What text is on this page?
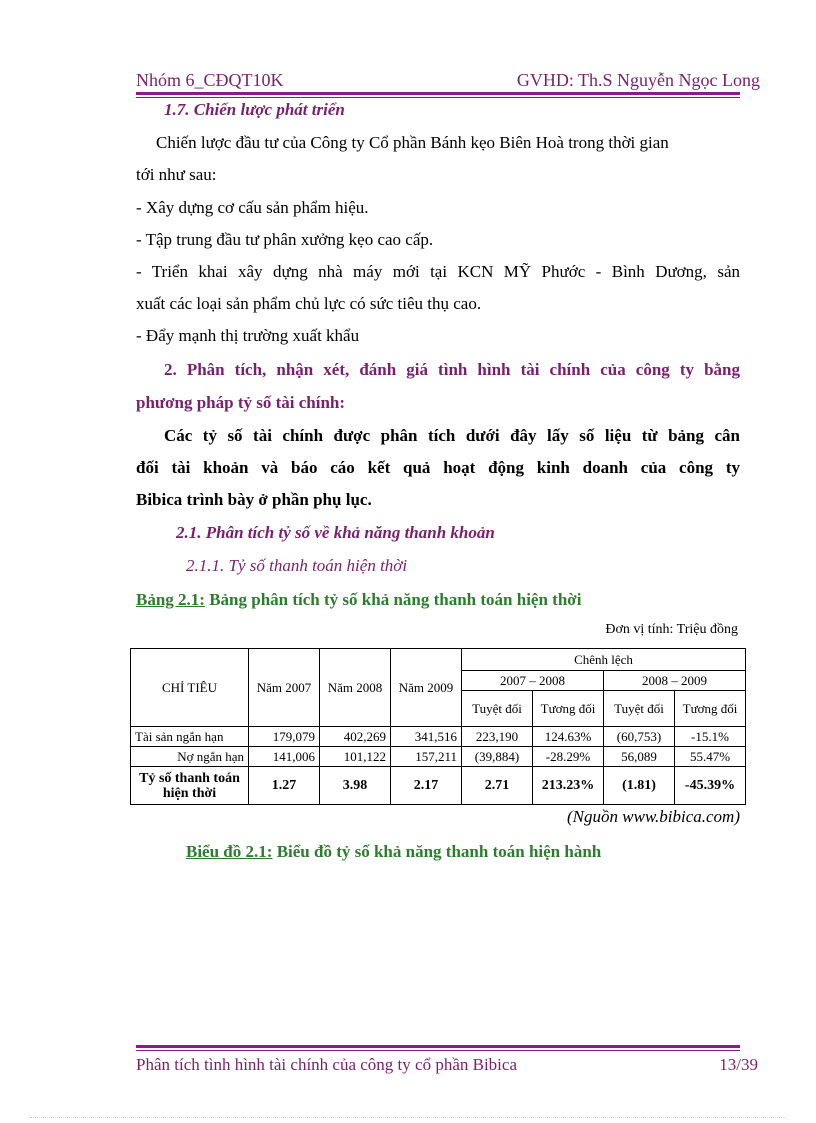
Nhóm 6_CĐQT10K	GVHD: Th.S Nguyễn Ngọc Long
1.7. Chiến lược phát triển
Chiến lược đầu tư của Công ty Cổ phần Bánh kẹo Biên Hoà trong thời gian
tới như sau:
- Xây dựng cơ cấu sản phẩm hiệu.
- Tập trung đầu tư phân xưởng kẹo cao cấp.
- Triển khai xây dựng nhà máy mới tại KCN MỸ Phước - Bình Dương, sản
xuất các loại sản phẩm chủ lực có sức tiêu thụ cao.
- Đẩy mạnh thị trường xuất khẩu
2. Phân tích, nhận xét, đánh giá tình hình tài chính của công ty bằng
phương pháp tỷ số tài chính:
Các tỷ số tài chính được phân tích dưới đây lấy số liệu từ bảng cân
đối tài khoản và báo cáo kết quả hoạt động kinh doanh của công ty
Bibica trình bày ở phần phụ lục.
2.1. Phân tích tỷ số về khả năng thanh khoản
2.1.1. Tỷ số thanh toán hiện thời
Bảng 2.1: Bảng phân tích tỷ số khả năng thanh toán hiện thời
Đơn vị tính: Triệu đồng
CHỈ TIÊU	Năm 2007	Năm 2008	Năm 2009	Chênh lệch			
				2007 – 2008		2008 – 2009	
				Tuyệt đối	Tương đối	Tuyệt đối	Tương đối
Tài sản ngắn hạn	179,079	402,269	341,516	223,190	124.63%	(60,753)	-15.1%
Nợ ngắn hạn	141,006	101,122	157,211	(39,884)	-28.29%	56,089	55.47%
Tỷ số thanh toán hiện thời	1.27	3.98	2.17	2.71	213.23%	(1.81)	-45.39%
(Nguồn www.bibica.com)
Biểu đồ 2.1: Biểu đồ tỷ số khả năng thanh toán hiện hành
Phân tích tình hình tài chính của công ty cổ phần Bibica	13/39
